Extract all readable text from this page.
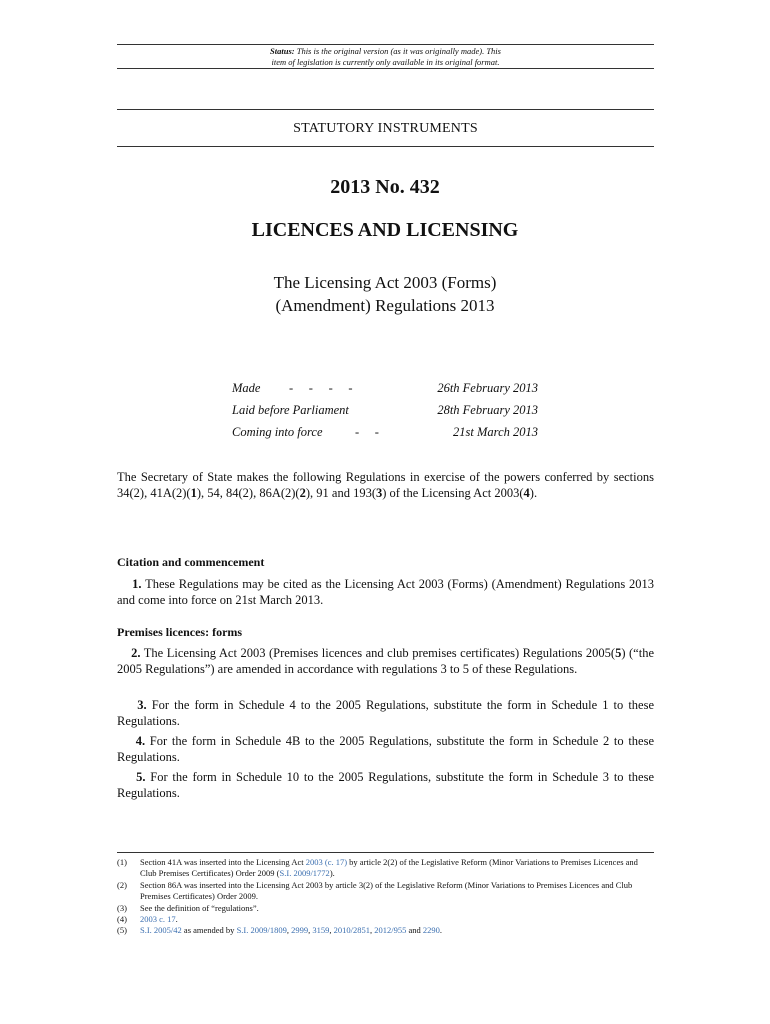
Status: This is the original version (as it was originally made). This
item of legislation is currently only available in its original format.
STATUTORY INSTRUMENTS
2013 No. 432
LICENCES AND LICENSING
The Licensing Act 2003 (Forms)
(Amendment) Regulations 2013
Made -     -     -     -	26th February 2013
Laid before Parliament	28th February 2013
Coming into force	-     -	21st March 2013
The Secretary of State makes the following Regulations in exercise of the powers conferred by sections 34(2), 41A(2)(1), 54, 84(2), 86A(2)(2), 91 and 193(3) of the Licensing Act 2003(4).
Citation and commencement
1. These Regulations may be cited as the Licensing Act 2003 (Forms) (Amendment) Regulations 2013 and come into force on 21st March 2013.
Premises licences: forms
2. The Licensing Act 2003 (Premises licences and club premises certificates) Regulations 2005(5) (“the 2005 Regulations”) are amended in accordance with regulations 3 to 5 of these Regulations.
3. For the form in Schedule 4 to the 2005 Regulations, substitute the form in Schedule 1 to these Regulations.
4. For the form in Schedule 4B to the 2005 Regulations, substitute the form in Schedule 2 to these Regulations.
5. For the form in Schedule 10 to the 2005 Regulations, substitute the form in Schedule 3 to these Regulations.
(1) Section 41A was inserted into the Licensing Act 2003 (c. 17) by article 2(2) of the Legislative Reform (Minor Variations to Premises Licences and Club Premises Certificates) Order 2009 (S.I. 2009/1772).
(2) Section 86A was inserted into the Licensing Act 2003 by article 3(2) of the Legislative Reform (Minor Variations to Premises Licences and Club Premises Certificates) Order 2009.
(3) See the definition of “regulations”.
(4) 2003 c. 17.
(5) S.I. 2005/42 as amended by S.I. 2009/1809, 2999, 3159, 2010/2851, 2012/955 and 2290.
